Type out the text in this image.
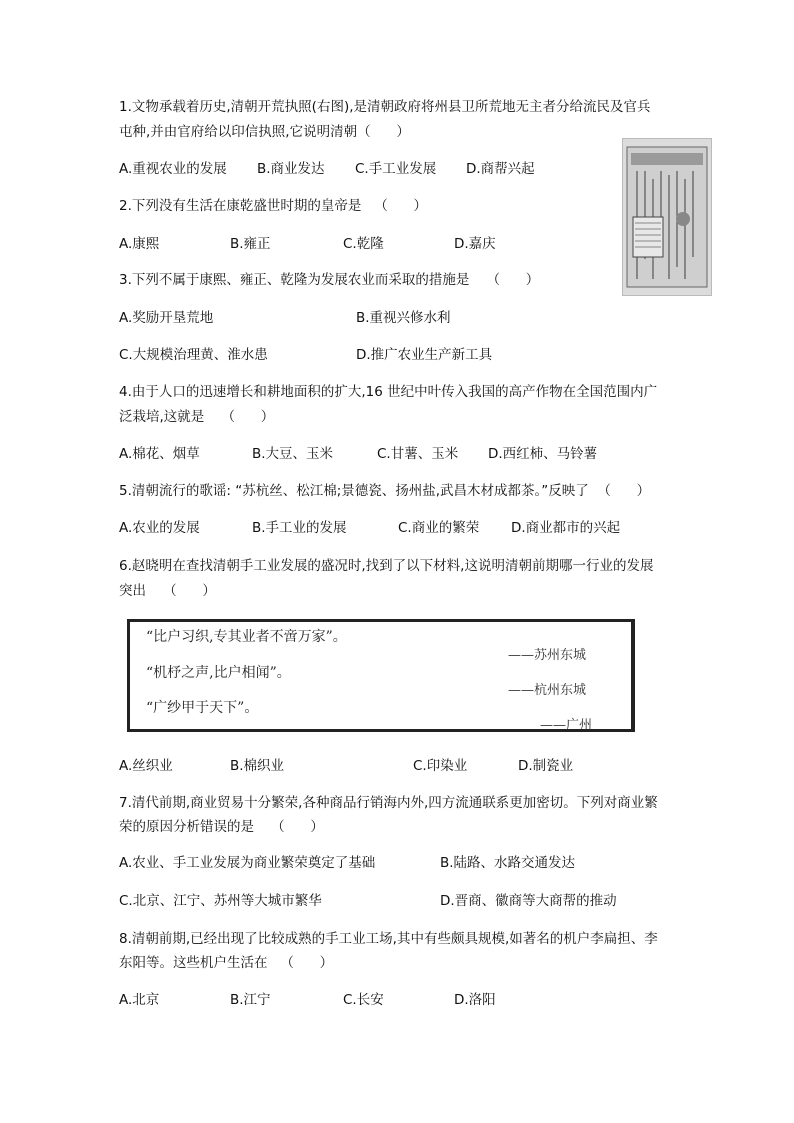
1.文物承载着历史,清朝开荒执照(右图),是清朝政府将州县卫所荒地无主者分给流民及官兵
屯种,并由官府给以印信执照,它说明清朝（      ）
A.重视农业的发展 B.商业发达 C.手工业发展 D.商帮兴起
2.下列没有生活在康乾盛世时期的皇帝是   （      ）
A.康熙	B.雍正	C.乾隆	D.嘉庆
3.下列不属于康熙、雍正、乾隆为发展农业而采取的措施是    （      ）
A.奖励开垦荒地	B.重视兴修水利
C.大规模治理黄、淮水患	D.推广农业生产新工具
4.由于人口的迅速增长和耕地面积的扩大,16 世纪中叶传入我国的高产作物在全国范围内广
泛栽培,这就是    （      ）
A.棉花、烟草	B.大豆、玉米	C.甘薯、玉米 D.西红柿、马铃薯
5.清朝流行的歌谣: “苏杭丝、松江棉;景德瓷、扬州盐,武昌木材成都茶。”反映了  （      ）
A.农业的发展	B.手工业的发展	C.商业的繁荣 D.商业都市的兴起
6.赵晓明在查找清朝手工业发展的盛况时,找到了以下材料,这说明清朝前期哪一行业的发展
突出    （      ）
“比户习织,专其业者不啻万家”。
——苏州东城
“机杼之声,比户相闻”。
——杭州东城
“广纱甲于天下”。
——广州
A.丝织业	B.棉织业	C.印染业	D.制瓷业
7.清代前期,商业贸易十分繁荣,各种商品行销海内外,四方流通联系更加密切。下列对商业繁
荣的原因分析错误的是    （      ）
A.农业、手工业发展为商业繁荣奠定了基础	B.陆路、水路交通发达
C.北京、江宁、苏州等大城市繁华	D.晋商、徽商等大商帮的推动
8.清朝前期,已经出现了比较成熟的手工业工场,其中有些颇具规模,如著名的机户李扁担、李
东阳等。这些机户生活在   （      ）
A.北京	B.江宁	C.长安	D.洛阳
